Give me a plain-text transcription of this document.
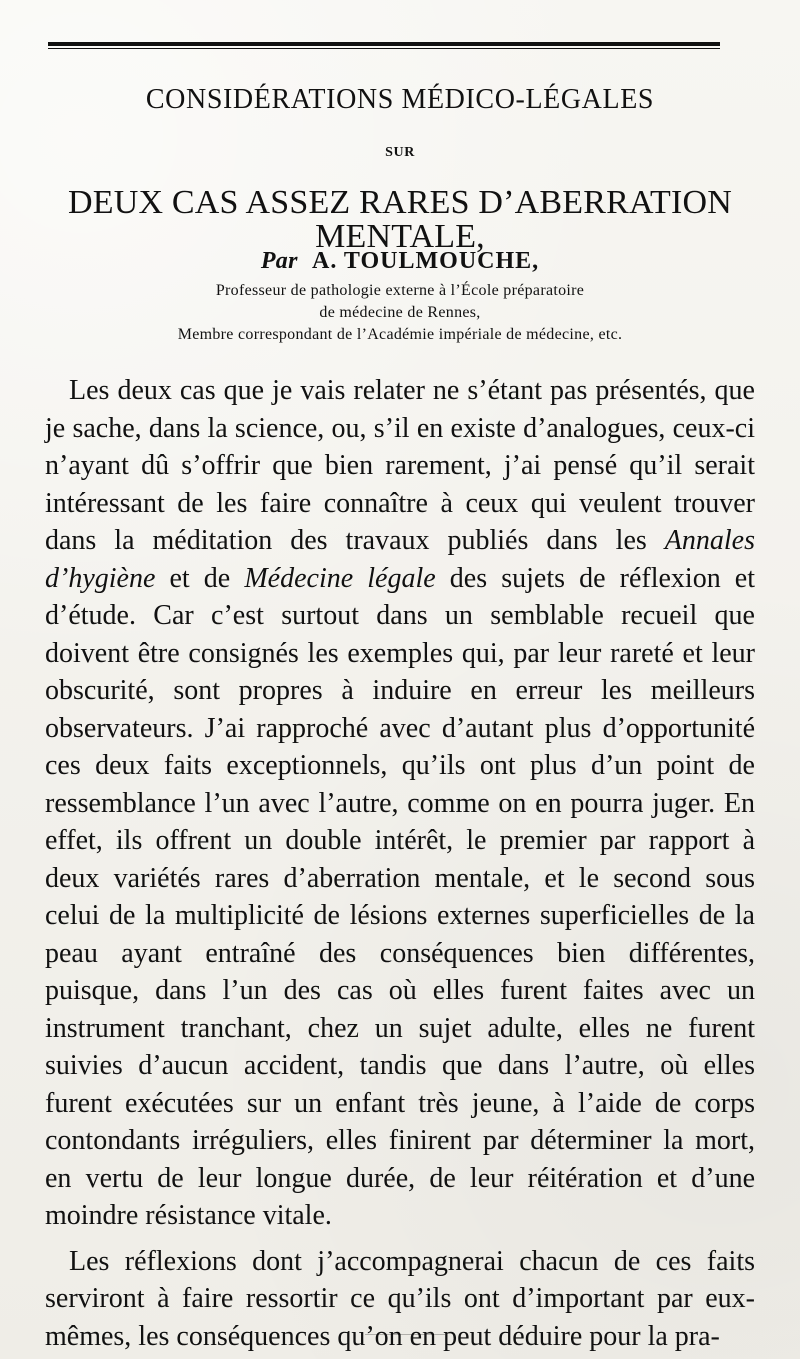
CONSIDÉRATIONS MÉDICO-LÉGALES
SUR
DEUX CAS ASSEZ RARES D’ABERRATION MENTALE,
Par A. TOULMOUCHE,
Professeur de pathologie externe à l’École préparatoire
de médecine de Rennes,
Membre correspondant de l’Académie impériale de médecine, etc.

Les deux cas que je vais relater ne s’étant pas présentés, que je sache, dans la science, ou, s’il en existe d’analogues, ceux-ci n’ayant dû s’offrir que bien rarement, j’ai pensé qu’il serait intéressant de les faire connaître à ceux qui veulent trouver dans la méditation des travaux publiés dans les Annales d’hygiène et de Médecine légale des sujets de réflexion et d’étude. Car c’est surtout dans un semblable recueil que doivent être consignés les exemples qui, par leur rareté et leur obscurité, sont propres à induire en erreur les meilleurs observateurs. J’ai rapproché avec d’autant plus d’opportunité ces deux faits exceptionnels, qu’ils ont plus d’un point de ressemblance l’un avec l’autre, comme on en pourra juger. En effet, ils offrent un double intérêt, le premier par rapport à deux variétés rares d’aberration mentale, et le second sous celui de la multiplicité de lésions externes superficielles de la peau ayant entraîné des conséquences bien différentes, puisque, dans l’un des cas où elles furent faites avec un instrument tranchant, chez un sujet adulte, elles ne furent suivies d’aucun accident, tandis que dans l’autre, où elles furent exécutées sur un enfant très jeune, à l’aide de corps contondants irréguliers, elles finirent par déterminer la mort, en vertu de leur longue durée, de leur réitération et d’une moindre résistance vitale.

Les réflexions dont j’accompagnerai chacun de ces faits serviront à faire ressortir ce qu’ils ont d’important par eux-mêmes, les conséquences qu’on en peut déduire pour la pra-
